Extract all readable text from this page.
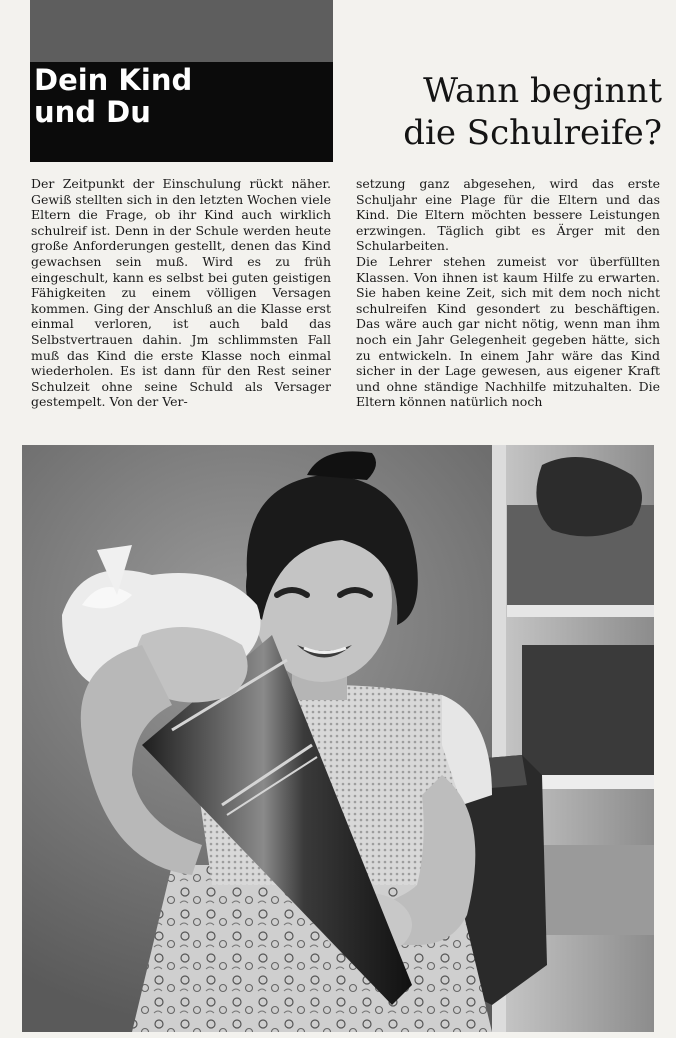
Dein Kind
und Du
Wann beginnt
die Schulreife?

Der Zeitpunkt der Einschulung rückt näher. Gewiß stellten sich in den letzten Wochen viele Eltern die Frage, ob ihr Kind auch wirklich schulreif ist. Denn in der Schule werden heute große Anforderungen gestellt, denen das Kind gewachsen sein muß. Wird es zu früh eingeschult, kann es selbst bei guten geistigen Fähigkeiten zu einem völligen Versagen kommen. Ging der Anschluß an die Klasse erst einmal verloren, ist auch bald das Selbstvertrauen dahin. Jm schlimmsten Fall muß das Kind die erste Klasse noch einmal wiederholen. Es ist dann für den Rest seiner Schulzeit ohne seine Schuld als Versager gestempelt. Von der Ver-

setzung ganz abgesehen, wird das erste Schuljahr eine Plage für die Eltern und das Kind. Die Eltern möchten bessere Leistungen erzwingen. Täglich gibt es Ärger mit den Schularbeiten.

Die Lehrer stehen zumeist vor überfüllten Klassen. Von ihnen ist kaum Hilfe zu erwarten. Sie haben keine Zeit, sich mit dem noch nicht schulreifen Kind gesondert zu beschäftigen. Das wäre auch gar nicht nötig, wenn man ihm noch ein Jahr Gelegenheit gegeben hätte, sich zu entwickeln. In einem Jahr wäre das Kind sicher in der Lage gewesen, aus eigener Kraft und ohne ständige Nachhilfe mitzuhalten. Die Eltern können natürlich noch
